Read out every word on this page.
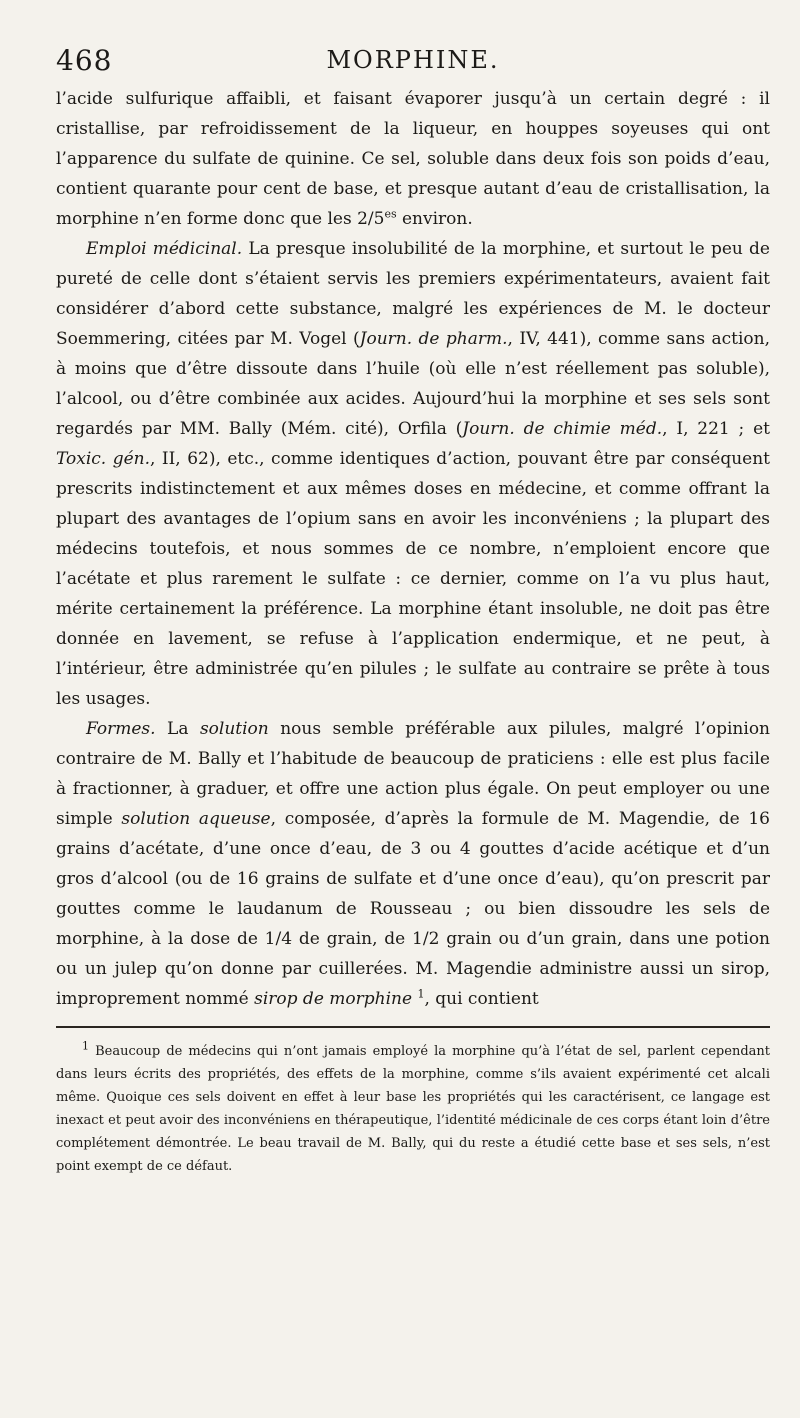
468	MORPHINE.

l’acide sulfurique affaibli, et faisant évaporer jusqu’à un certain degré : il cristallise, par refroidissement de la liqueur, en houppes soyeuses qui ont l’apparence du sulfate de quinine. Ce sel, soluble dans deux fois son poids d’eau, contient quarante pour cent de base, et presque autant d’eau de cristallisation, la morphine n’en forme donc que les 2/5$^{es}$ environ.

Emploi médicinal. La presque insolubilité de la morphine, et surtout le peu de pureté de celle dont s’étaient servis les premiers expérimentateurs, avaient fait considérer d’abord cette substance, malgré les expériences de M. le docteur Soemmering, citées par M. Vogel (Journ. de pharm., IV, 441), comme sans action, à moins que d’être dissoute dans l’huile (où elle n’est réellement pas soluble), l’alcool, ou d’être combinée aux acides. Aujourd’hui la morphine et ses sels sont regardés par MM. Bally (Mém. cité), Orfila (Journ. de chimie méd., I, 221 ; et Toxic. gén., II, 62), etc., comme identiques d’action, pouvant être par conséquent prescrits indistinctement et aux mêmes doses en médecine, et comme offrant la plupart des avantages de l’opium sans en avoir les inconvéniens ; la plupart des médecins toutefois, et nous sommes de ce nombre, n’emploient encore que l’acétate et plus rarement le sulfate : ce dernier, comme on l’a vu plus haut, mérite certainement la préférence. La morphine étant insoluble, ne doit pas être donnée en lavement, se refuse à l’application endermique, et ne peut, à l’intérieur, être administrée qu’en pilules ; le sulfate au contraire se prête à tous les usages.

Formes. La solution nous semble préférable aux pilules, malgré l’opinion contraire de M. Bally et l’habitude de beaucoup de praticiens : elle est plus facile à fractionner, à graduer, et offre une action plus égale. On peut employer ou une simple solution aqueuse, composée, d’après la formule de M. Magendie, de 16 grains d’acétate, d’une once d’eau, de 3 ou 4 gouttes d’acide acétique et d’un gros d’alcool (ou de 16 grains de sulfate et d’une once d’eau), qu’on prescrit par gouttes comme le laudanum de Rousseau ; ou bien dissoudre les sels de morphine, à la dose de 1/4 de grain, de 1/2 grain ou d’un grain, dans une potion ou un julep qu’on donne par cuillerées. M. Magendie administre aussi un sirop, improprement nommé sirop de morphine $^1$, qui contient

$^1$ Beaucoup de médecins qui n’ont jamais employé la morphine qu’à l’état de sel, parlent cependant dans leurs écrits des propriétés, des effets de la morphine, comme s’ils avaient expérimenté cet alcali même. Quoique ces sels doivent en effet à leur base les propriétés qui les caractérisent, ce langage est inexact et peut avoir des inconvéniens en thérapeutique, l’identité médicinale de ces corps étant loin d’être complétement démontrée. Le beau travail de M. Bally, qui du reste a étudié cette base et ses sels, n’est point exempt de ce défaut.
